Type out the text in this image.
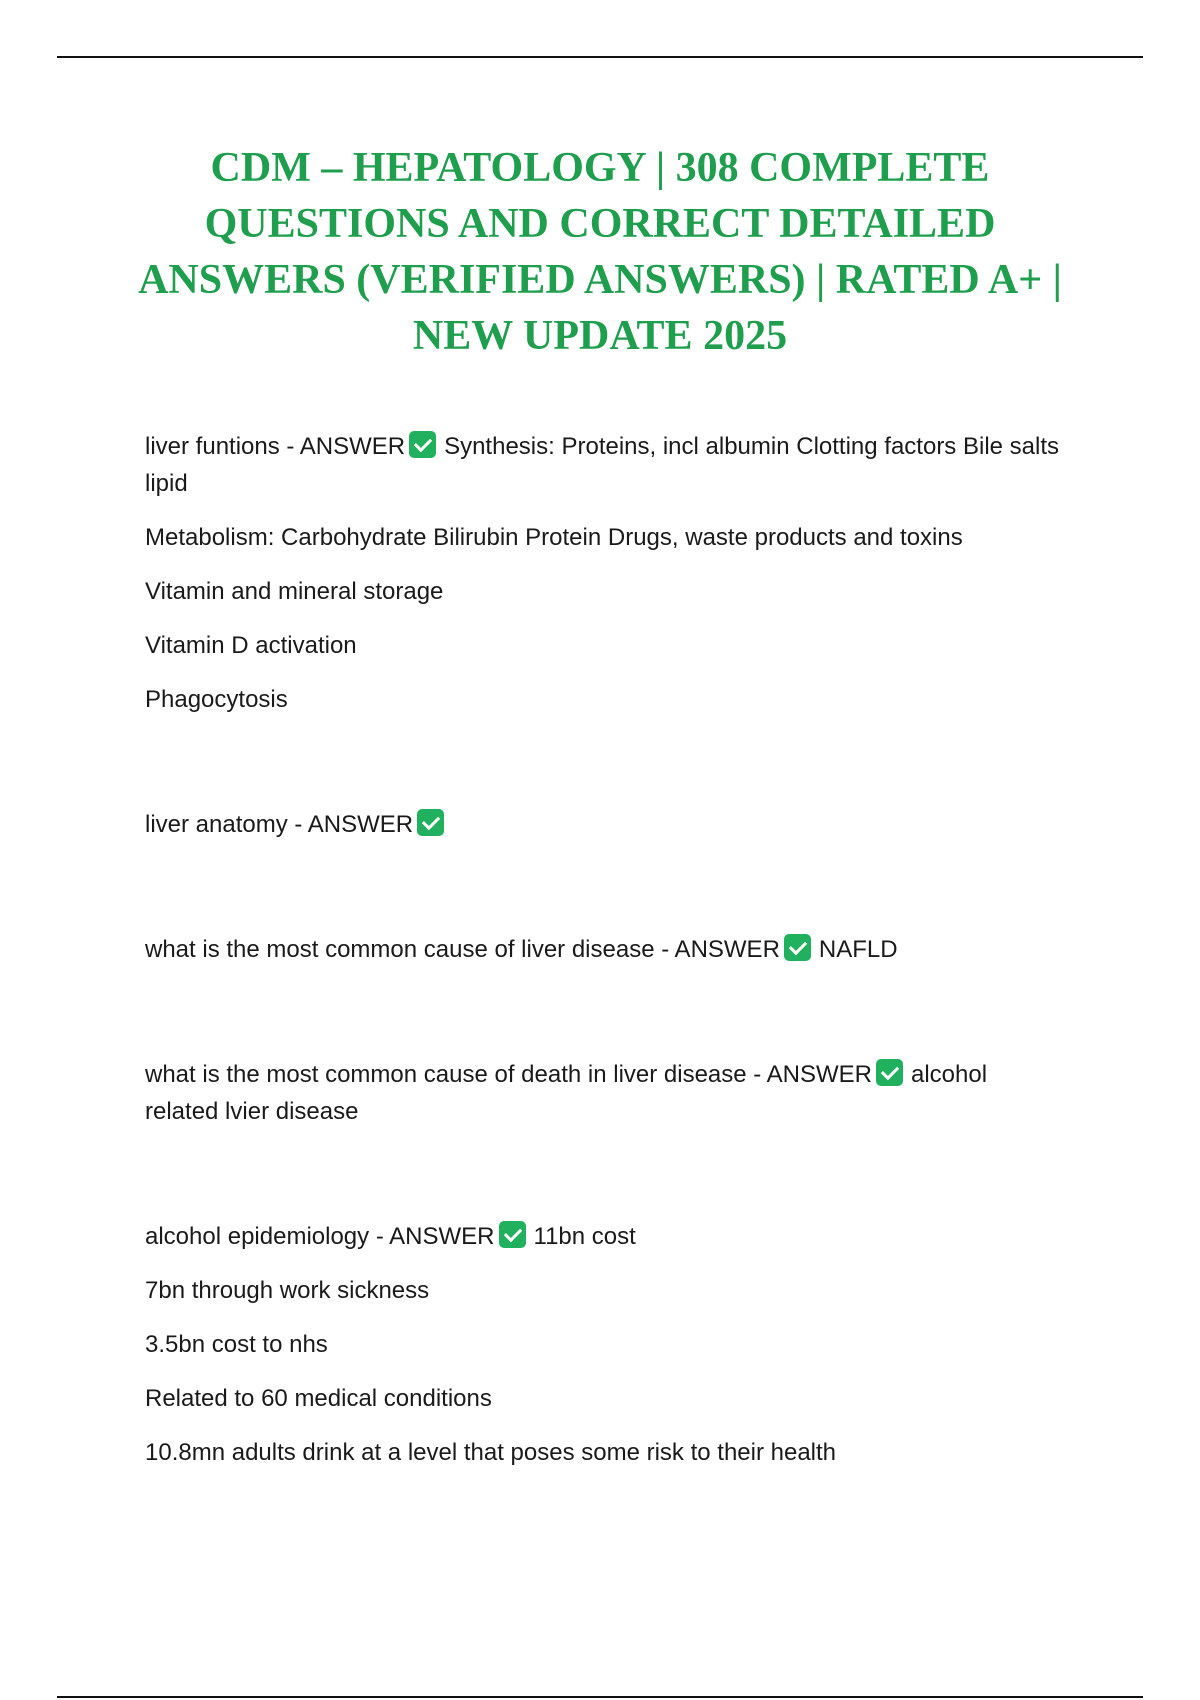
CDM – HEPATOLOGY | 308 COMPLETE QUESTIONS AND CORRECT DETAILED ANSWERS (VERIFIED ANSWERS) | RATED A+ | NEW UPDATE 2025

liver funtions - ANSWER Synthesis: Proteins, incl albumin Clotting factors Bile salts lipid

Metabolism: Carbohydrate Bilirubin Protein Drugs, waste products and toxins

Vitamin and mineral storage

Vitamin D activation

Phagocytosis

liver anatomy - ANSWER

what is the most common cause of liver disease - ANSWER NAFLD

what is the most common cause of death in liver disease - ANSWER alcohol related lvier disease

alcohol epidemiology - ANSWER 11bn cost

7bn through work sickness

3.5bn cost to nhs

Related to 60 medical conditions

10.8mn adults drink at a level that poses some risk to their health
